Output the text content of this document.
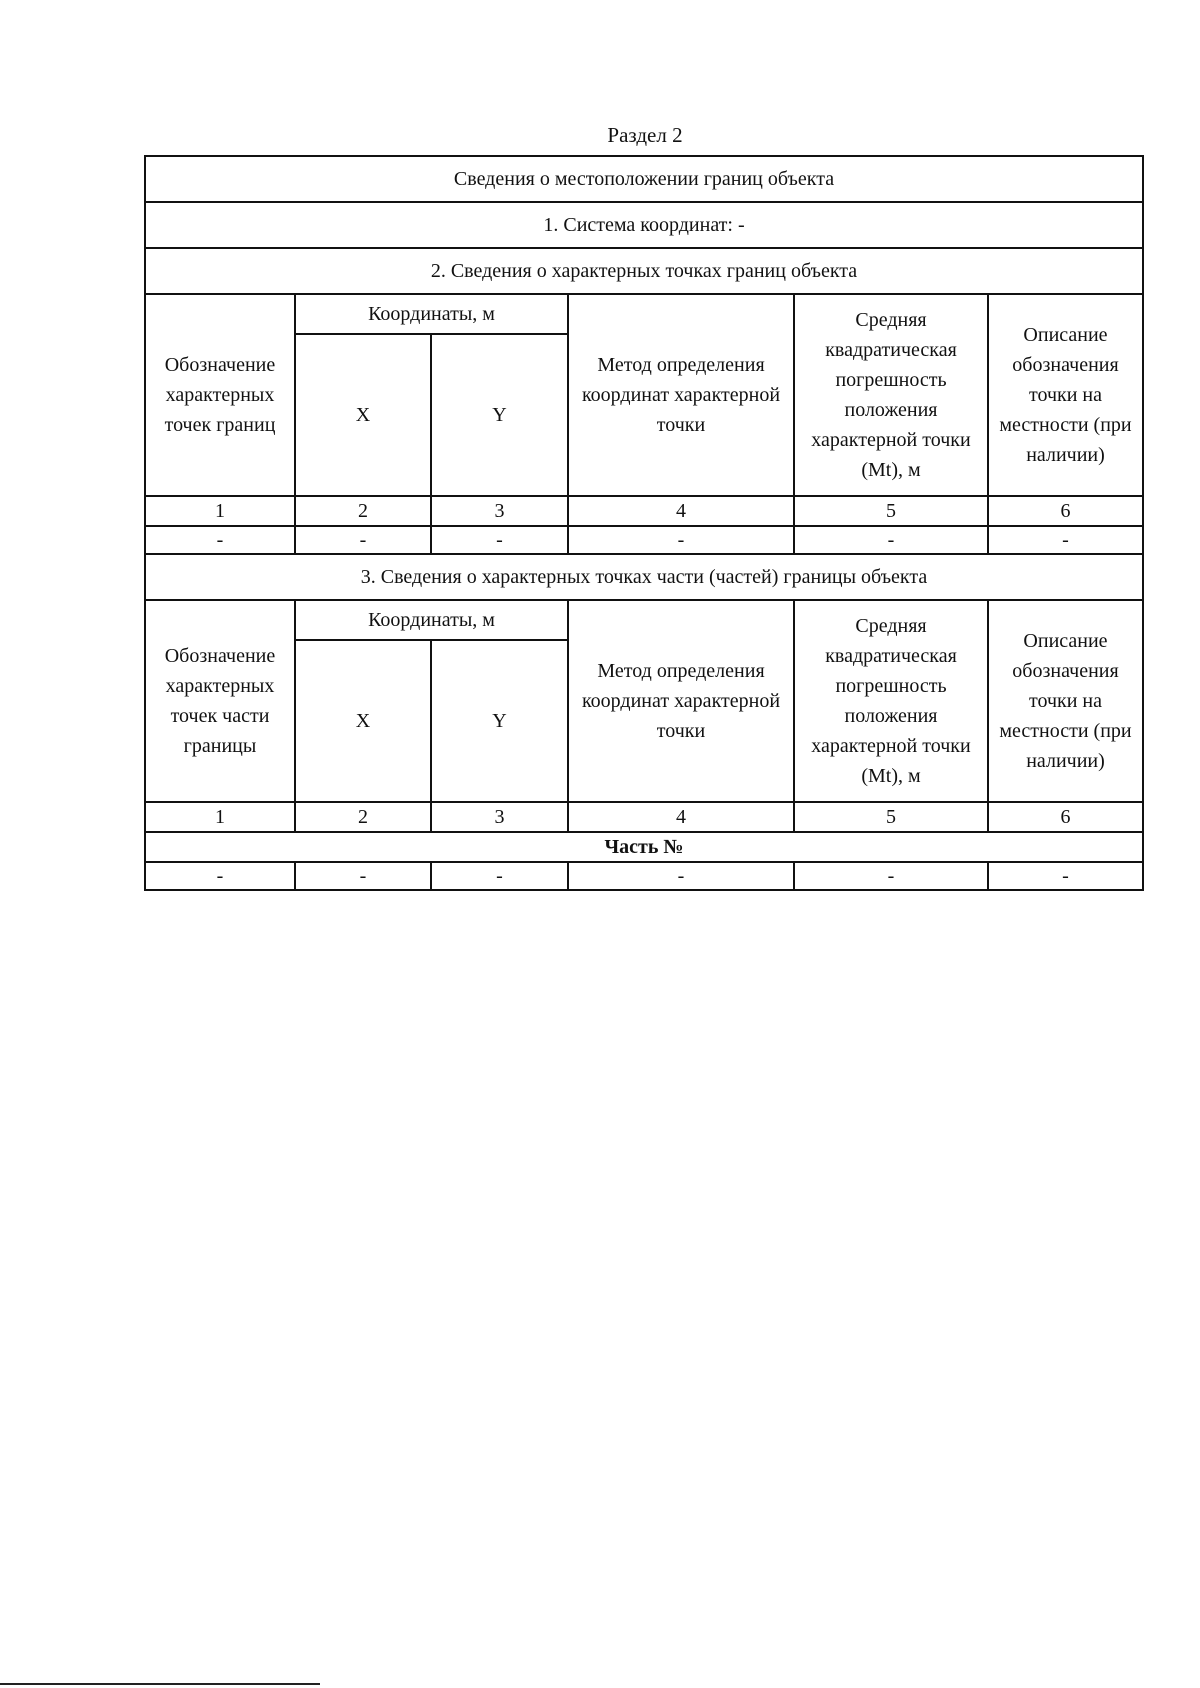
Раздел 2
Сведения о местоположении границ объекта					
1. Система координат: -					
2. Сведения о характерных точках границ объекта					
Обозначение характерных точек границ	Координаты, м		Метод определения координат характерной точки	Средняя квадратическая погрешность положения характерной точки (Mt), м	Описание обозначения точки на местности (при наличии)
	X	Y			
1	2	3	4	5	6
-	-	-	-	-	-
3. Сведения о характерных точках части (частей) границы объекта					
Обозначение характерных точек части границы	Координаты, м		Метод определения координат характерной точки	Средняя квадратическая погрешность положения характерной точки (Mt), м	Описание обозначения точки на местности (при наличии)
	X	Y			
1	2	3	4	5	6
Часть №					
-	-	-	-	-	-
